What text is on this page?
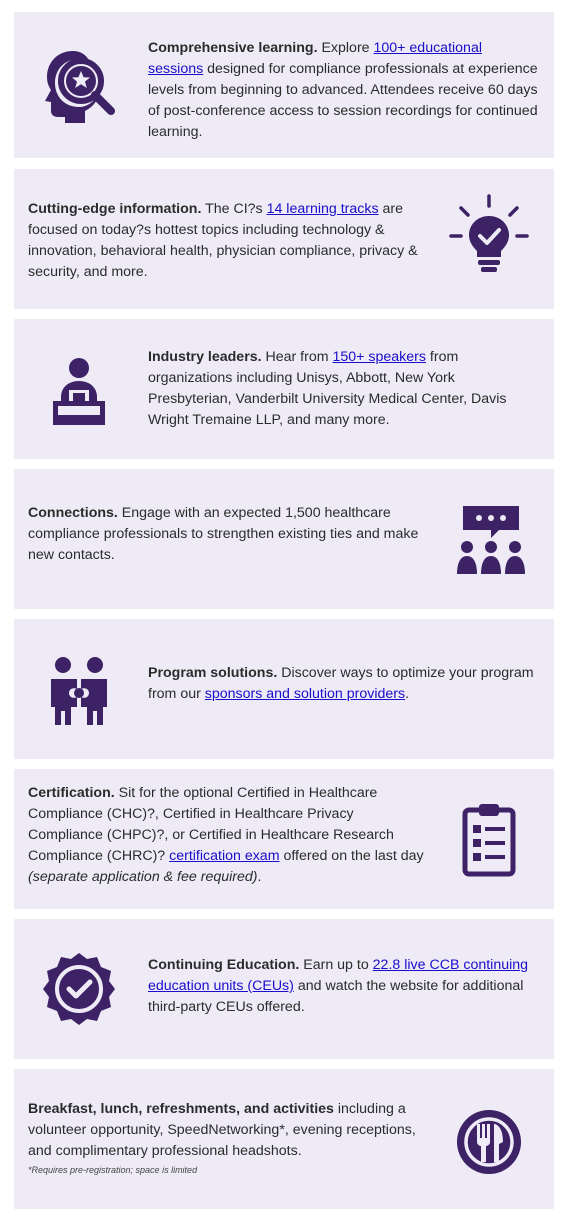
Comprehensive learning. Explore 100+ educational sessions designed for compliance professionals at experience levels from beginning to advanced. Attendees receive 60 days of post-conference access to session recordings for continued learning.
Cutting-edge information. The CI?s 14 learning tracks are focused on today?s hottest topics including technology & innovation, behavioral health, physician compliance, privacy & security, and more.
Industry leaders. Hear from 150+ speakers from organizations including Unisys, Abbott, New York Presbyterian, Vanderbilt University Medical Center, Davis Wright Tremaine LLP, and many more.
Connections. Engage with an expected 1,500 healthcare compliance professionals to strengthen existing ties and make new contacts.
Program solutions. Discover ways to optimize your program from our sponsors and solution providers.
Certification. Sit for the optional Certified in Healthcare Compliance (CHC)?, Certified in Healthcare Privacy Compliance (CHPC)?, or Certified in Healthcare Research Compliance (CHRC)? certification exam offered on the last day (separate application & fee required).
Continuing Education. Earn up to 22.8 live CCB continuing education units (CEUs) and watch the website for additional third-party CEUs offered.
Breakfast, lunch, refreshments, and activities including a volunteer opportunity, SpeedNetworking*, evening receptions, and complimentary professional headshots.
*Requires pre-registration; space is limited
